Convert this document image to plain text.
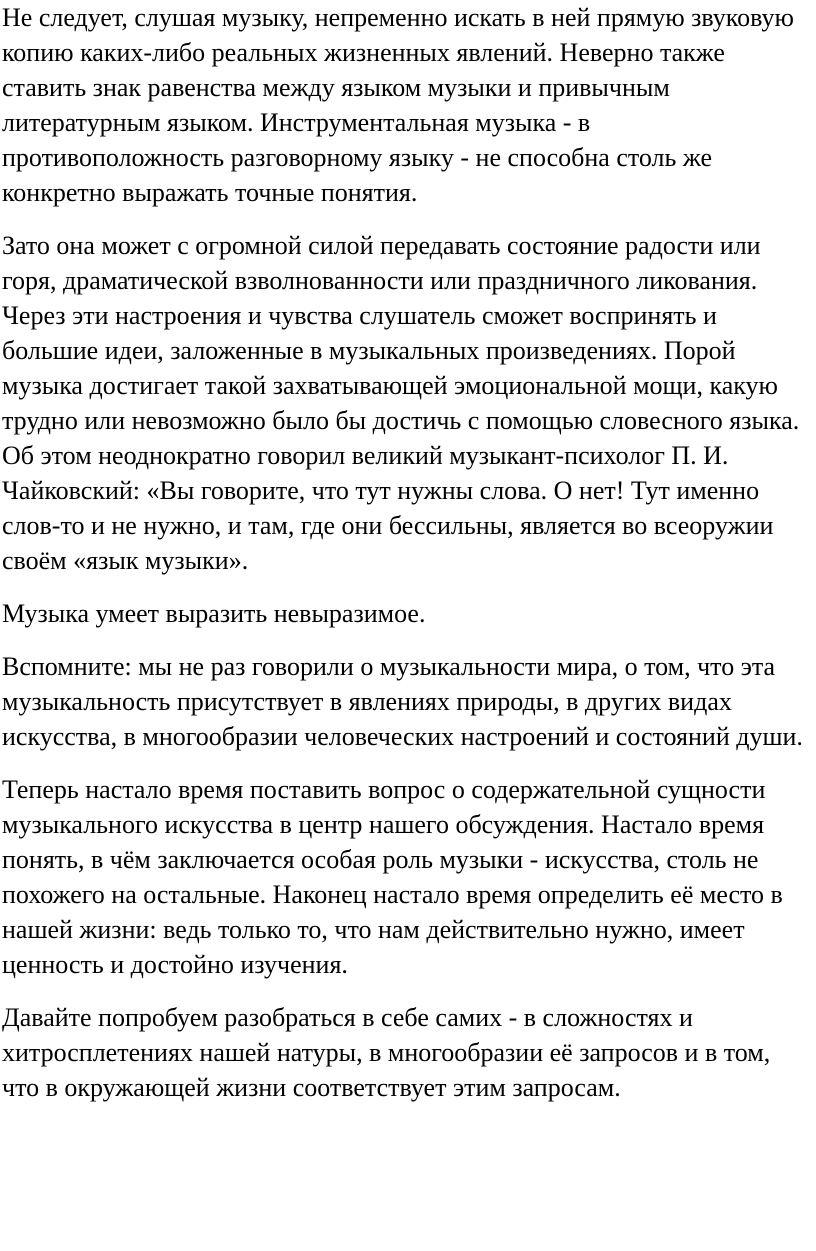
Не следует, слушая музыку, непременно искать в ней прямую звуковую копию каких-либо реальных жизненных явлений. Неверно также ставить знак равенства между языком музыки и привычным литературным языком. Инструментальная музыка - в противоположность разговорному языку - не способна столь же конкретно выражать точные понятия.

Зато она может с огромной силой передавать состояние радости или горя, драматической взволнованности или праздничного ликования. Через эти настроения и чувства слушатель сможет воспринять и большие идеи, заложенные в музыкальных произведениях. Порой музыка достигает такой захватывающей эмоциональной мощи, какую трудно или невозможно было бы достичь с помощью словесного языка. Об этом неоднократно говорил великий музыкант-психолог П. И. Чайковский: «Вы говорите, что тут нужны слова. О нет! Тут именно слов-то и не нужно, и там, где они бессильны, является во всеоружии своём «язык музыки».

Музыка умеет выразить невыразимое.

Вспомните: мы не раз говорили о музыкальности мира, о том, что эта музыкальность присутствует в явлениях природы, в других видах искусства, в многообразии человеческих настроений и состояний души.

Теперь настало время поставить вопрос о содержательной сущности музыкального искусства в центр нашего обсуждения. Настало время понять, в чём заключается особая роль музыки - искусства, столь не похожего на остальные. Наконец настало время определить её место в нашей жизни: ведь только то, что нам действительно нужно, имеет ценность и достойно изучения.

Давайте попробуем разобраться в себе самих - в сложностях и хитросплетениях нашей натуры, в многообразии её запросов и в том, что в окружающей жизни соответствует этим запросам.
